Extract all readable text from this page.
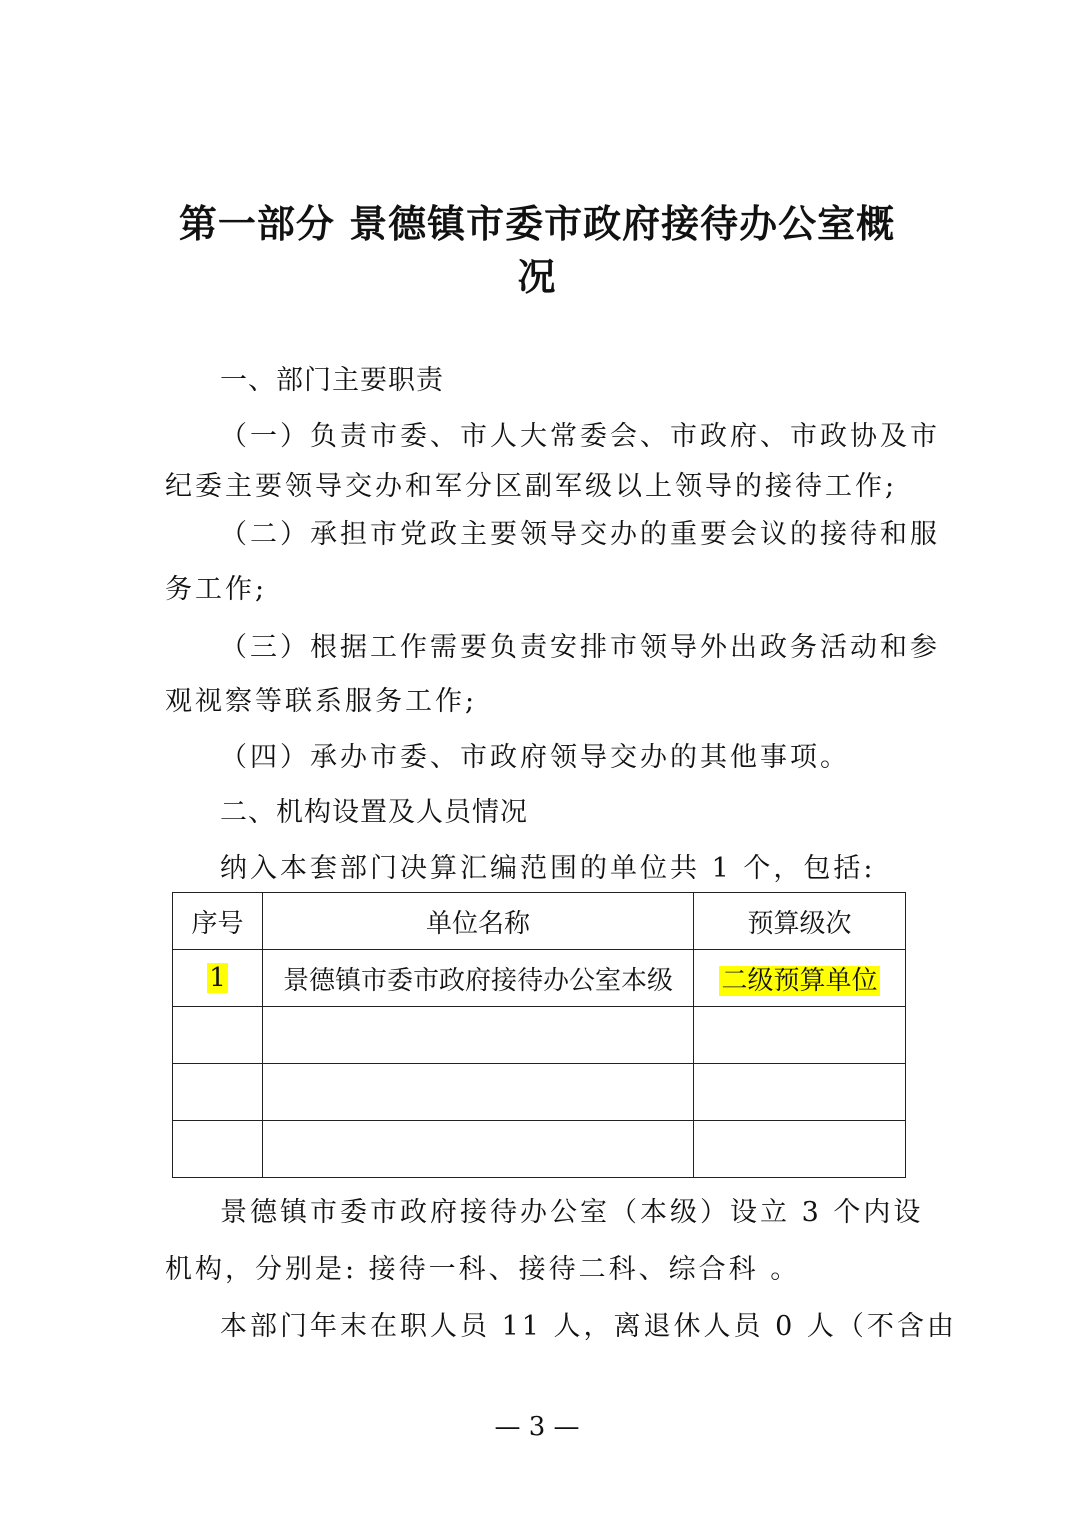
第一部分 景德镇市委市政府接待办公室概
况
一、部门主要职责
（一）负责市委、市人大常委会、市政府、市政协及市
纪委主要领导交办和军分区副军级以上领导的接待工作;
（二）承担市党政主要领导交办的重要会议的接待和服
务工作;
（三）根据工作需要负责安排市领导外出政务活动和参
观视察等联系服务工作;
（四）承办市委、市政府领导交办的其他事项。
二、机构设置及人员情况
纳入本套部门决算汇编范围的单位共 1 个，包括:
序号	单位名称	预算级次
1	景德镇市委市政府接待办公室本级	二级预算单位

景德镇市委市政府接待办公室（本级）设立 3 个内设
机构，分别是: 接待一科、接待二科、综合科 。
本部门年末在职人员 11 人，离退休人员 0 人（不含由
— 3 —
